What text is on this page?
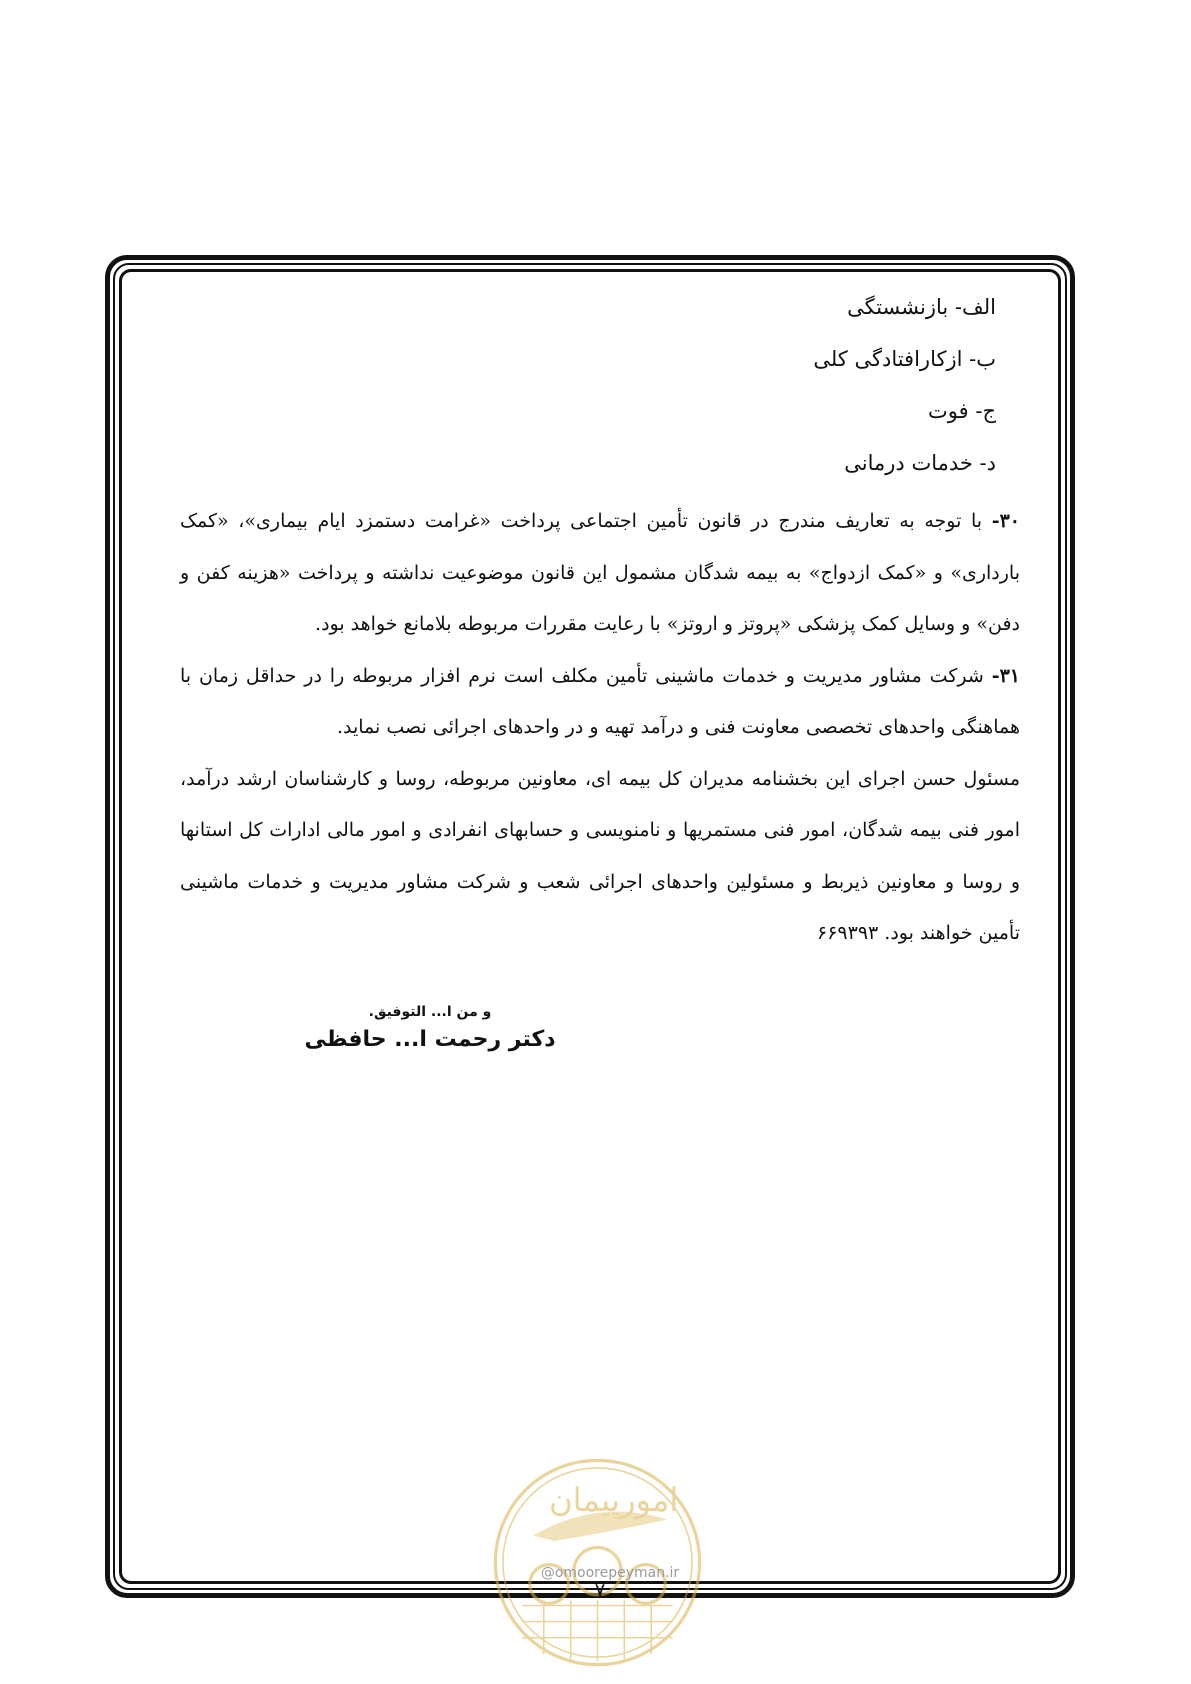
الف- بازنشستگی
ب- ازکارافتادگی کلی
ج- فوت
د- خدمات درمانی

۳۰- با توجه به تعاریف مندرج در قانون تأمین اجتماعی پرداخت «غرامت دستمزد ایام بیماری»، «کمک بارداری» و «کمک ازدواج» به بیمه شدگان مشمول این قانون موضوعیت نداشته و پرداخت «هزینه کفن و دفن» و وسایل کمک پزشکی «پروتز و اروتز» با رعایت مقررات مربوطه بلامانع خواهد بود.

۳۱- شرکت مشاور مدیریت و خدمات ماشینی تأمین مکلف است نرم افزار مربوطه را در حداقل زمان با هماهنگی واحدهای تخصصی معاونت فنی و درآمد تهیه و در واحدهای اجرائی نصب نماید.

مسئول حسن اجرای این بخشنامه مدیران کل بیمه ای، معاونین مربوطه، روسا و کارشناسان ارشد درآمد، امور فنی بیمه شدگان، امور فنی مستمریها و نامنویسی و حسابهای انفرادی و امور مالی ادارات کل استانها و روسا و معاونین ذیربط و مسئولین واحدهای اجرائی شعب و شرکت مشاور مدیریت و خدمات ماشینی تأمین خواهند بود. ۶۶۹۳۹۳

و من ا... التوفیق.
دکتر رحمت ا... حافظی
امورپیمان
@omoorepeyman.ir
۷
